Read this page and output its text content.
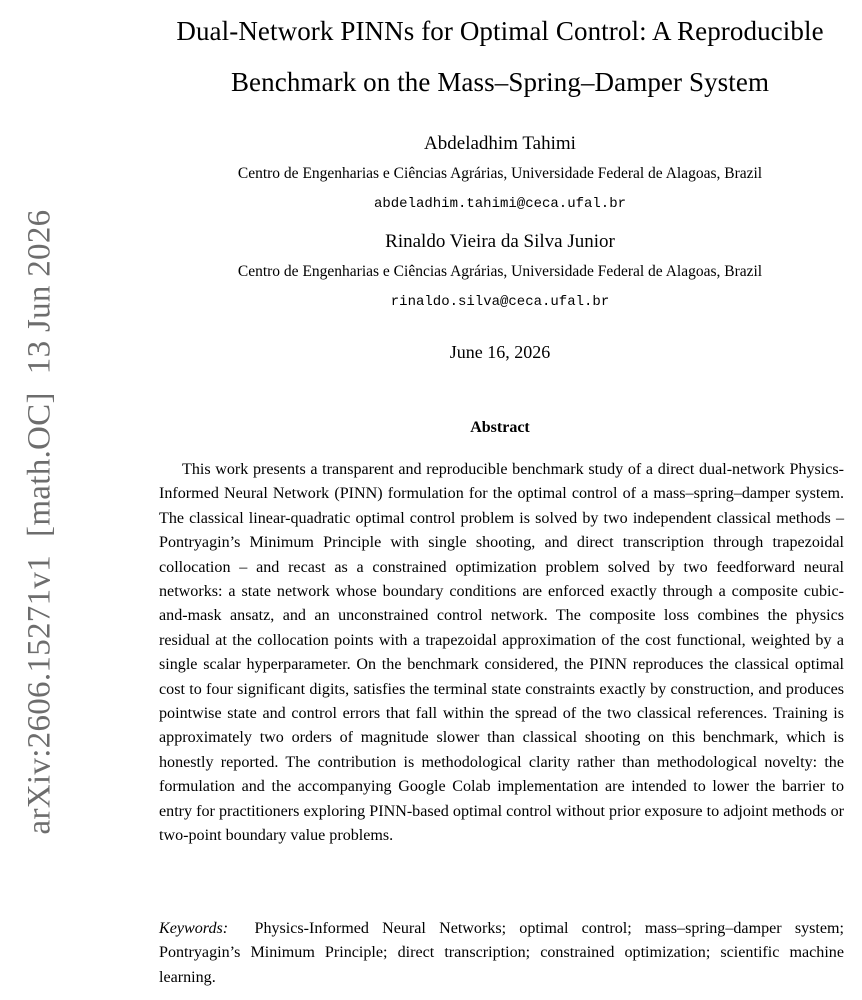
arXiv:2606.15271v1[math.OC]13 Jun 2026
Dual-Network PINNs for Optimal Control: A Reproducible
Benchmark on the Mass–Spring–Damper System
Abdeladhim Tahimi
Centro de Engenharias e Ciências Agrárias, Universidade Federal de Alagoas, Brazil
abdeladhim.tahimi@ceca.ufal.br
Rinaldo Vieira da Silva Junior
Centro de Engenharias e Ciências Agrárias, Universidade Federal de Alagoas, Brazil
rinaldo.silva@ceca.ufal.br
June 16, 2026
Abstract

This work presents a transparent and reproducible benchmark study of a direct dual-network Physics-Informed Neural Network (PINN) formulation for the optimal control of a mass–spring–damper system. The classical linear-quadratic optimal control problem is solved by two independent classical methods – Pontryagin’s Minimum Principle with single shooting, and direct transcription through trapezoidal collocation – and recast as a constrained optimization problem solved by two feedforward neural networks: a state network whose boundary conditions are enforced exactly through a composite cubic-and-mask ansatz, and an unconstrained control network. The composite loss combines the physics residual at the collocation points with a trapezoidal approximation of the cost functional, weighted by a single scalar hyperparameter. On the benchmark considered, the PINN reproduces the classical optimal cost to four significant digits, satisfies the terminal state constraints exactly by construction, and produces pointwise state and control errors that fall within the spread of the two classical references. Training is approximately two orders of magnitude slower than classical shooting on this benchmark, which is honestly reported. The contribution is methodological clarity rather than methodological novelty: the formulation and the accompanying Google Colab implementation are intended to lower the barrier to entry for practitioners exploring PINN-based optimal control without prior exposure to adjoint methods or two-point boundary value problems.

Keywords: Physics-Informed Neural Networks; optimal control; mass–spring–damper system; Pontryagin’s Minimum Principle; direct transcription; constrained optimization; scientific machine learning.
